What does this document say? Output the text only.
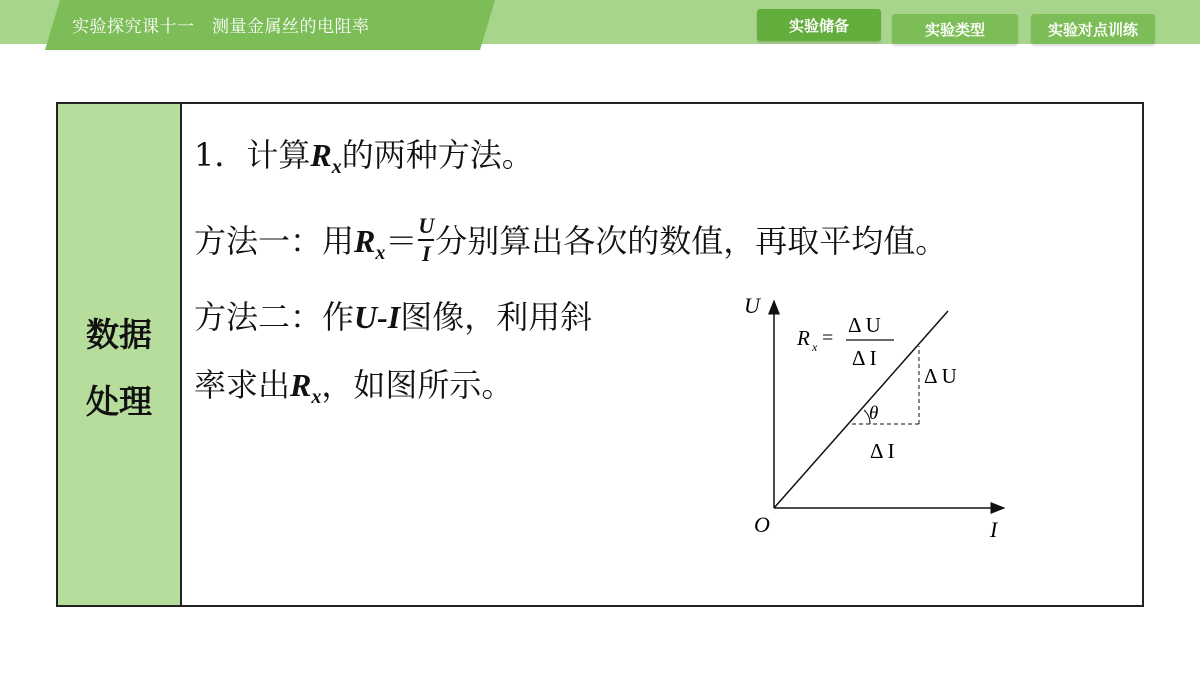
实验探究课十一　测量金属丝的电阻率	实验储备	实验类型	实验对点训练
数据
处理
1．计算$R_x$的两种方法。
方法一：用$R_x= \frac{U}{I}$ 分别算出各次的数值，再取平均值。
方法二：作U-I图像，利用斜
率求出$R_x$，如图所示。
U
I
O
R x =
Δ U
Δ I
Δ U
Δ I
θ
